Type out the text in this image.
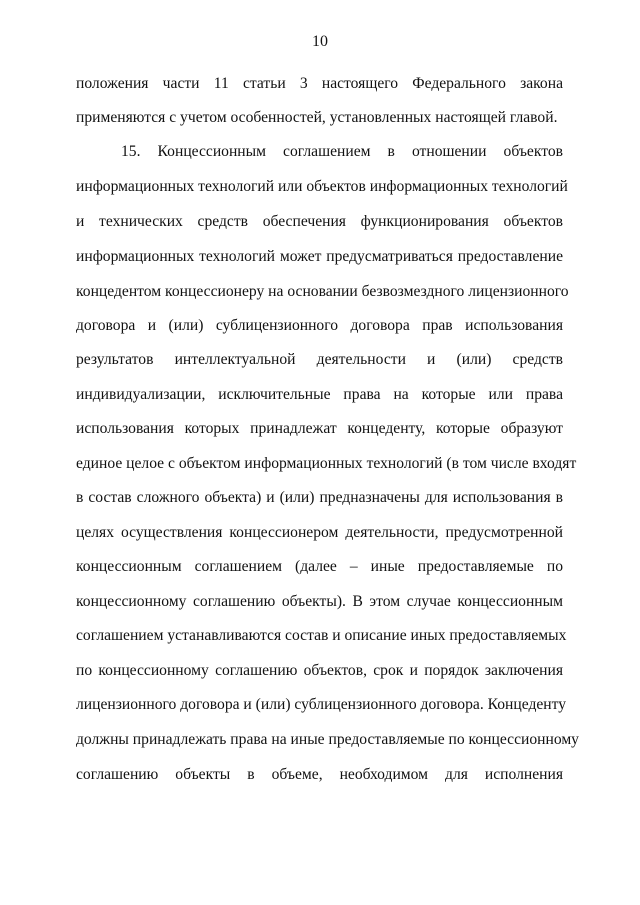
10
положения части 11 статьи 3 настоящего Федерального закона
применяются с учетом особенностей, установленных настоящей главой.
15. Концессионным соглашением в отношении объектов
информационных технологий или объектов информационных технологий
и технических средств обеспечения функционирования объектов
информационных технологий может предусматриваться предоставление
концедентом концессионеру на основании безвозмездного лицензионного
договора и (или) сублицензионного договора прав использования
результатов интеллектуальной деятельности и (или) средств
индивидуализации, исключительные права на которые или права
использования которых принадлежат концеденту, которые образуют
единое целое с объектом информационных технологий (в том числе входят
в состав сложного объекта) и (или) предназначены для использования в
целях осуществления концессионером деятельности, предусмотренной
концессионным соглашением (далее – иные предоставляемые по
концессионному соглашению объекты). В этом случае концессионным
соглашением устанавливаются состав и описание иных предоставляемых
по концессионному соглашению объектов, срок и порядок заключения
лицензионного договора и (или) сублицензионного договора. Концеденту
должны принадлежать права на иные предоставляемые по концессионному
соглашению объекты в объеме, необходимом для исполнения
